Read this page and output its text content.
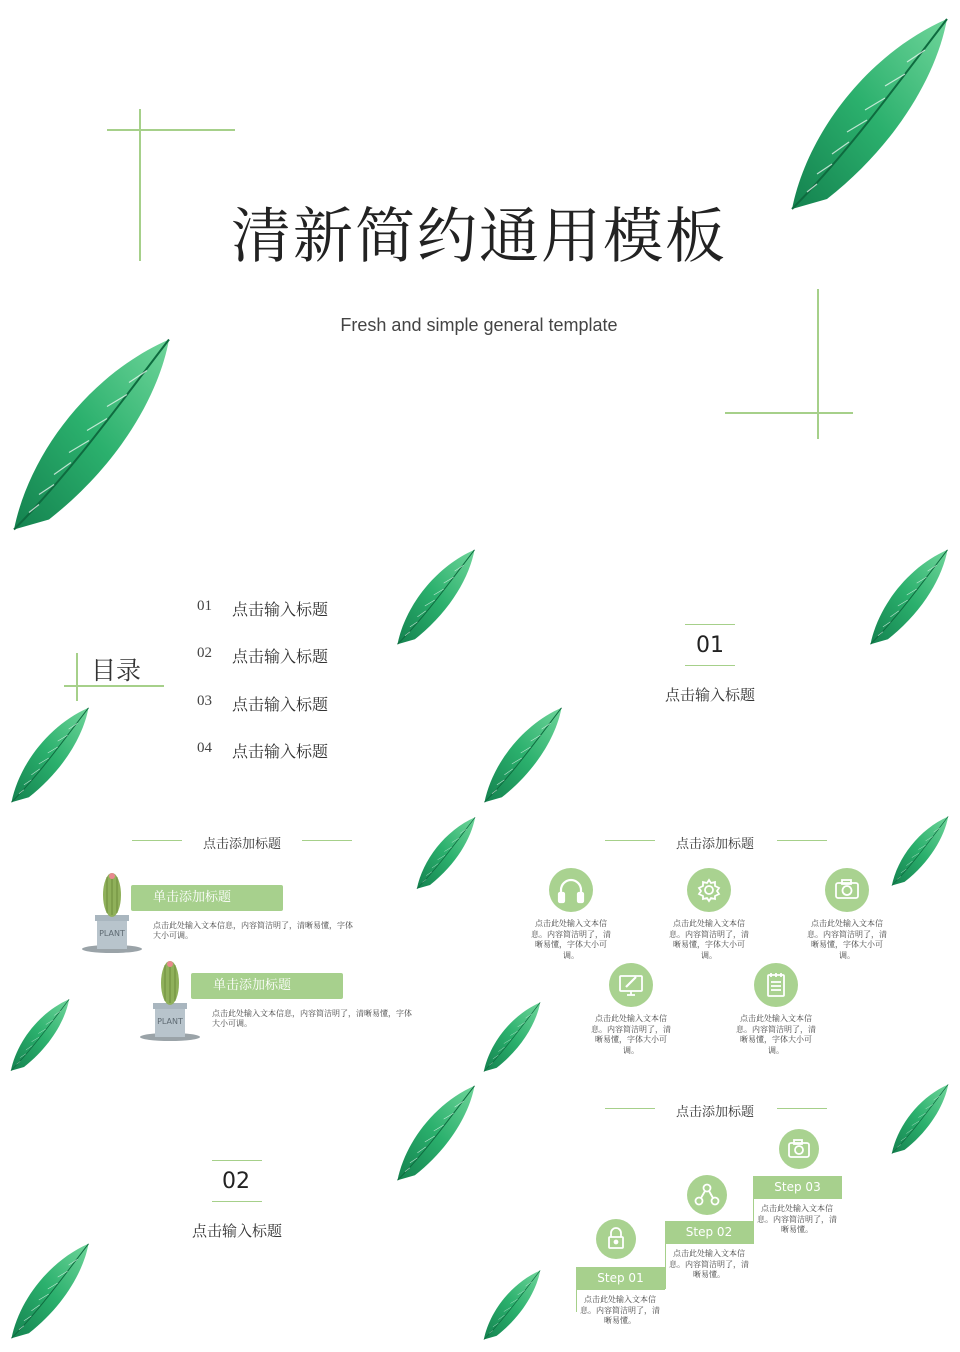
清新简约通用模板
Fresh and simple general template
目录
01 点击输入标题
02 点击输入标题
03 点击输入标题
04 点击输入标题
01
点击输入标题
点击添加标题
PLANT
单击添加标题
点击此处输入文本信息，内容简洁明了，清晰易懂，字体大小可调。
PLANT
单击添加标题
点击此处输入文本信息，内容简洁明了，清晰易懂，字体大小可调。
点击添加标题
点击此处输入文本信息。内容简洁明了，清晰易懂，字体大小可调。
点击此处输入文本信息。内容简洁明了，清晰易懂，字体大小可调。
点击此处输入文本信息。内容简洁明了，清晰易懂，字体大小可调。
点击此处输入文本信息。内容简洁明了，清晰易懂，字体大小可调。
点击此处输入文本信息。内容简洁明了，清晰易懂，字体大小可调。
02
点击输入标题
点击添加标题
Step 01
点击此处输入文本信息。内容简洁明了，清晰易懂。
Step 02
点击此处输入文本信息。内容简洁明了，清晰易懂。
Step 03
点击此处输入文本信息。内容简洁明了，清晰易懂。
